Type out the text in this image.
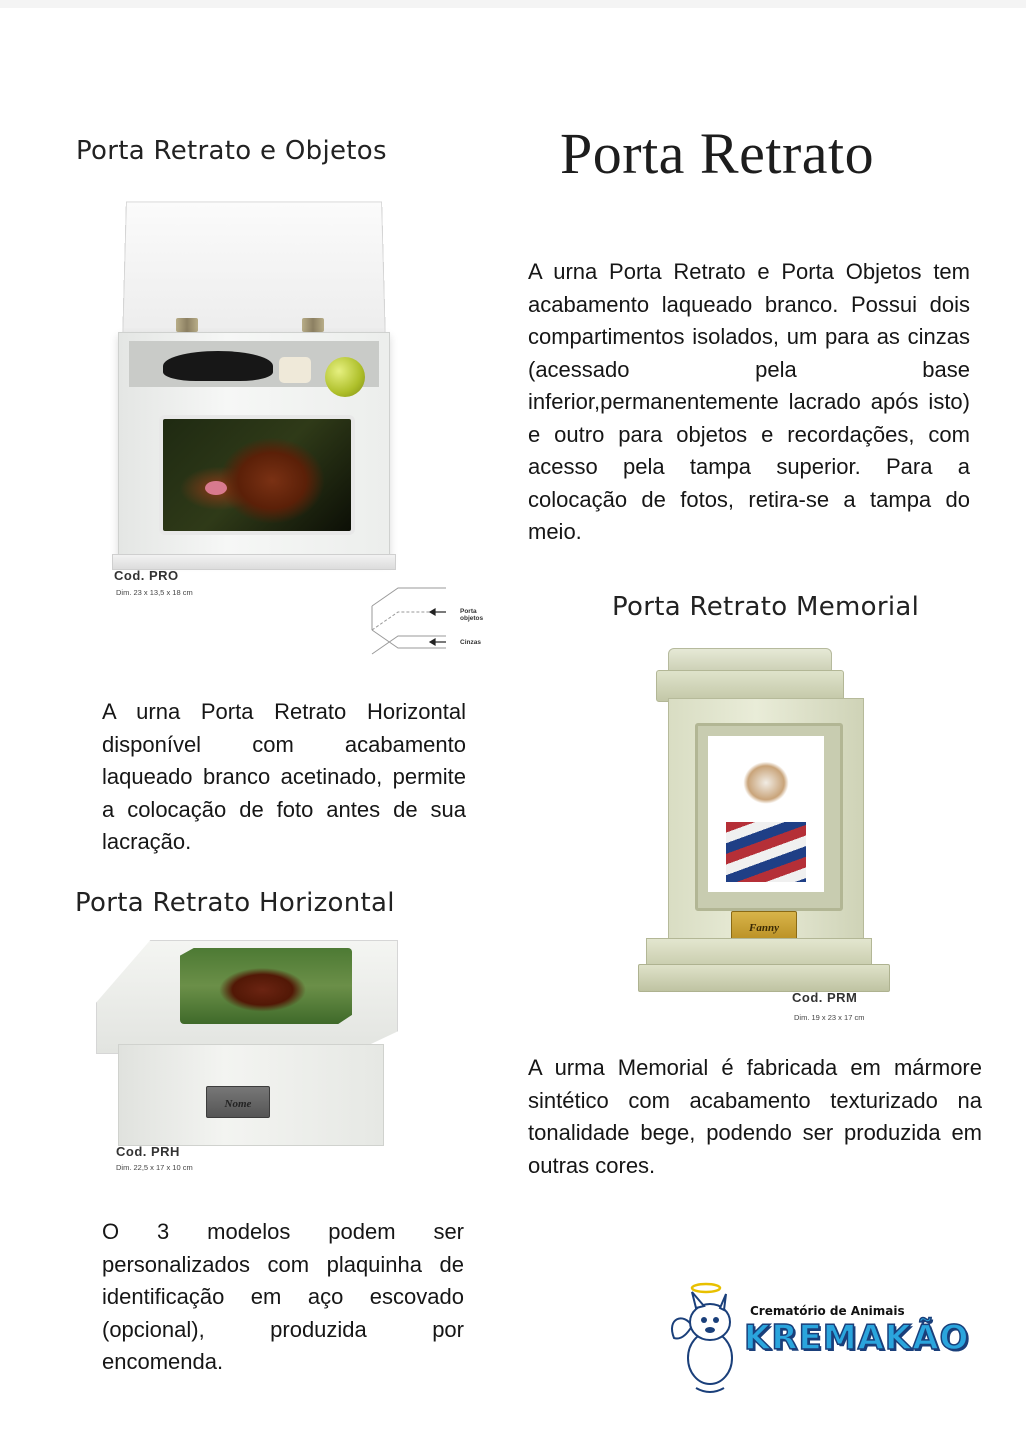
Porta Retrato
Porta Retrato e Objetos
Cod. PRO
Dim. 23 x 13,5 x 18 cm
Porta objetos
Cinzas
A urna Porta Retrato e Porta Objetos tem acabamento laqueado branco. Possui dois compartimentos isolados, um para as cinzas (acessado pela base inferior,permanentemente lacrado após isto) e outro para objetos e recordações, com acesso pela tampa superior. Para a colocação de fotos, retira-se a tampa do meio.
Porta Retrato Memorial
Fanny
Cod. PRM
Dim. 19 x 23 x 17 cm
A urna Porta Retrato Horizontal disponível com acabamento laqueado branco acetinado, permite a colocação de foto antes de sua lacração.
Porta Retrato Horizontal
Nome
Cod. PRH
Dim. 22,5 x 17 x 10 cm
A urma Memorial é fabricada em mármore sintético com acabamento texturizado na tonalidade bege, podendo ser produzida em outras cores.
O 3 modelos podem ser personalizados com plaquinha de identificação em aço escovado (opcional), produzida por encomenda.
Crematório de Animais
KREMAKÃO
